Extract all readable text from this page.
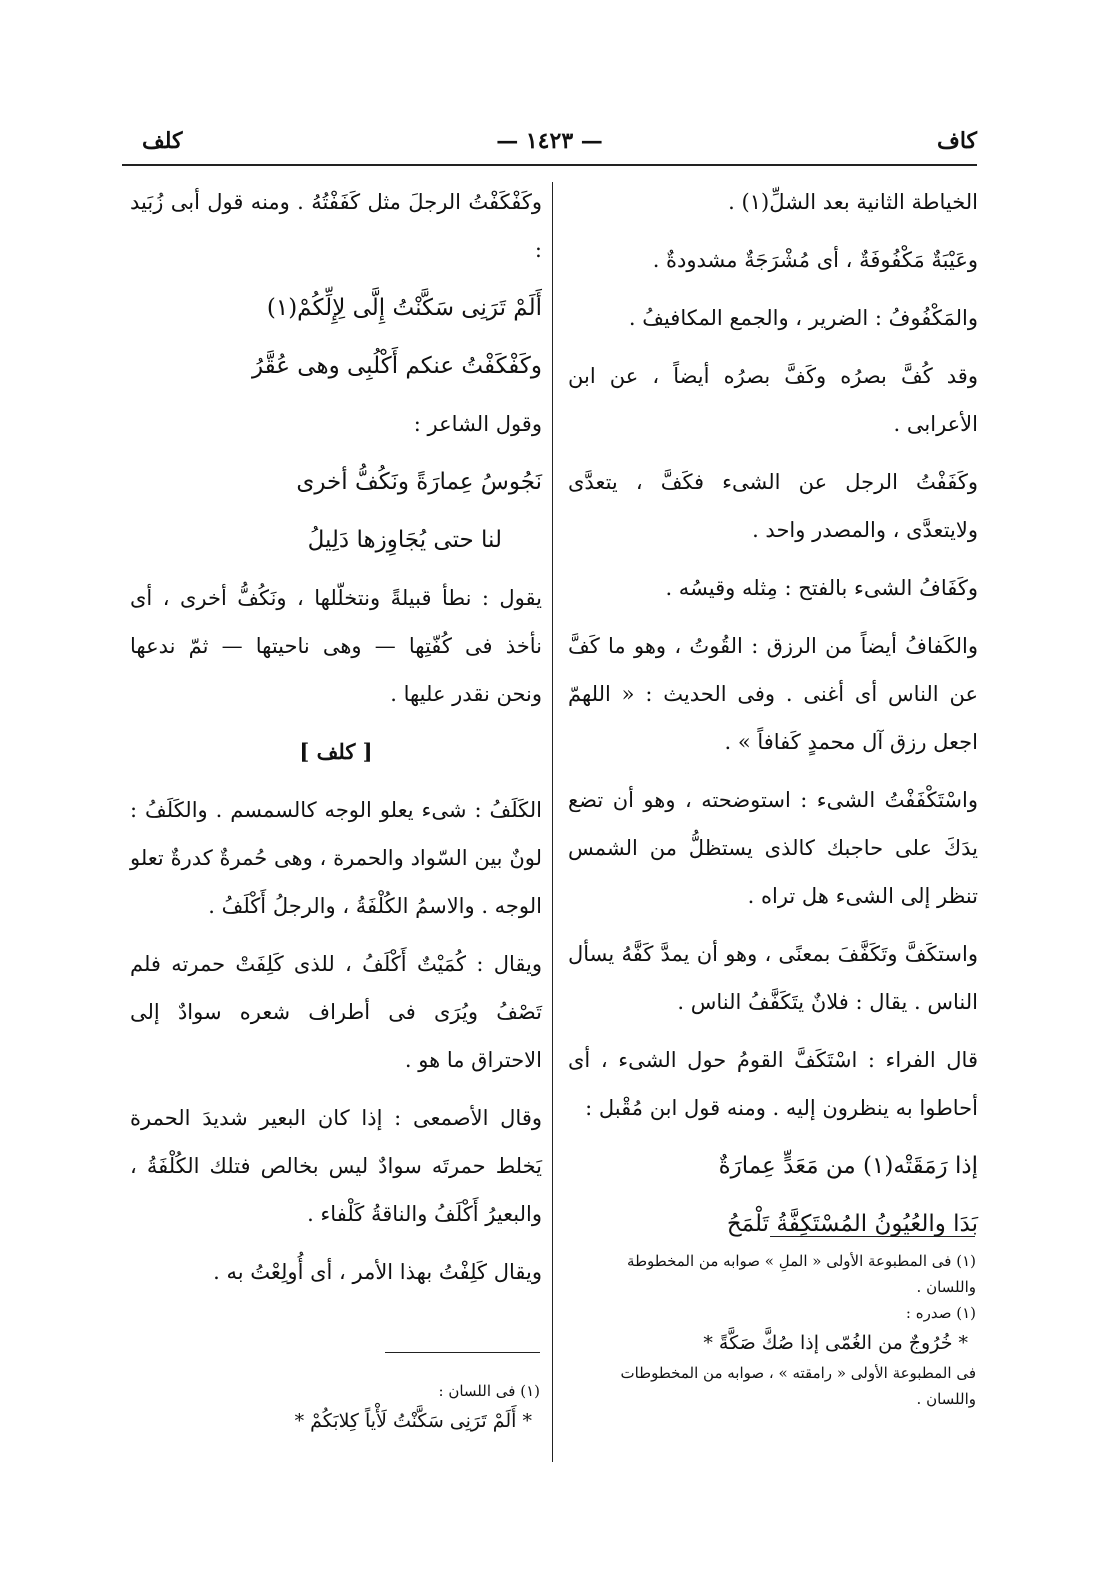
كاف
— ١٤٢٣ —
كلف

الخياطة الثانية بعد الشلِّ(١) .

وعَيْبَةٌ مَكْفُوفَةٌ ، أى مُشْرَجَةٌ مشدودةٌ .

والمَكْفُوفُ : الضرير ، والجمع المكافيفُ .

وقد كُفَّ بصرُه وكَفَّ بصرُه أيضاً ، عن ابن الأعرابى .

وكَفَفْتُ الرجل عن الشىء فكَفَّ ، يتعدَّى ولايتعدَّى ، والمصدر واحد .

وكَفَافُ الشىء بالفتح : مِثله وقيسُه .

والكَفافُ أيضاً من الرزق : القُوتُ ، وهو ما كَفَّ عن الناس أى أغنى . وفى الحديث : « اللهمّ اجعل رزق آل محمدٍ كَفافاً » .

واسْتَكْفَفْتُ الشىء : استوضحته ، وهو أن تضع يدَكَ على حاجبك كالذى يستظلُّ من الشمس تنظر إلى الشىء هل تراه .

واستكَفَّ وتَكَفَّفَ بمعنًى ، وهو أن يمدَّ كَفَّهُ يسأل الناس . يقال : فلانٌ يتَكَفَّفُ الناس .

قال الفراء : اسْتَكَفَّ القومُ حول الشىء ، أى أحاطوا به ينظرون إليه . ومنه قول ابن مُقْبل :

إذا رَمَقَتْه(١) من مَعَدٍّ عِمارَةٌ

بَدَا والعُيُونُ المُسْتَكِفَّةُ تَلْمَحُ

وكَفْكَفْتُ الرجلَ مثل كَفَفْتُهُ . ومنه قول أبى زُبَيد :

أَلَمْ تَرَنِى سَكَّنْتُ إِلَّى لِإِلِّكُمْ(١)

وكَفْكَفْتُ عنكم أَكْلُبِى وهى عُقَّرُ

وقول الشاعر :

نَجُوسُ عِمارَةً ونَكُفُّ أخرى

لنا حتى يُجَاوِزها دَلِيلُ

يقول : نطأ قبيلةً ونتخلّلها ، ونَكُفُّ أخرى ، أى نأخذ فى كُفّتِها — وهى ناحيتها — ثمّ ندعها ونحن نقدر عليها .

[ كلف ]

الكَلَفُ : شىء يعلو الوجه كالسمسم . والكَلَفُ : لونٌ بين السّواد والحمرة ، وهى حُمرةٌ كدرةٌ تعلو الوجه . والاسمُ الكُلْفَةُ ، والرجلُ أَكْلَفُ .

ويقال : كُمَيْتٌ أَكْلَفُ ، للذى كَلِفَتْ حمرته فلم تَصْفُ ويُرَى فى أطراف شعره سوادٌ إلى الاحتراق ما هو .

وقال الأصمعى : إذا كان البعير شديدَ الحمرة يَخلط حمرتَه سوادٌ ليس بخالص فتلك الكُلْفَةُ ، والبعيرُ أَكْلَفُ والناقةُ كَلْفاء .

ويقال كَلِفْتُ بهذا الأمر ، أى أُولِعْتُ به .	(١) فى المطبوعة الأولى « الملِ » صوابه من المخطوطة واللسان .

(١) صدره :

* خُرُوجٌ من الغُمّى إذا صُكَّ صَكَّةً *

فى المطبوعة الأولى « رامقته » ، صوابه من المخطوطات واللسان .

(١) فى اللسان :

* أَلَمْ تَرَنِى سَكَّنْتُ لَأْياً كِلابَكُمْ *
